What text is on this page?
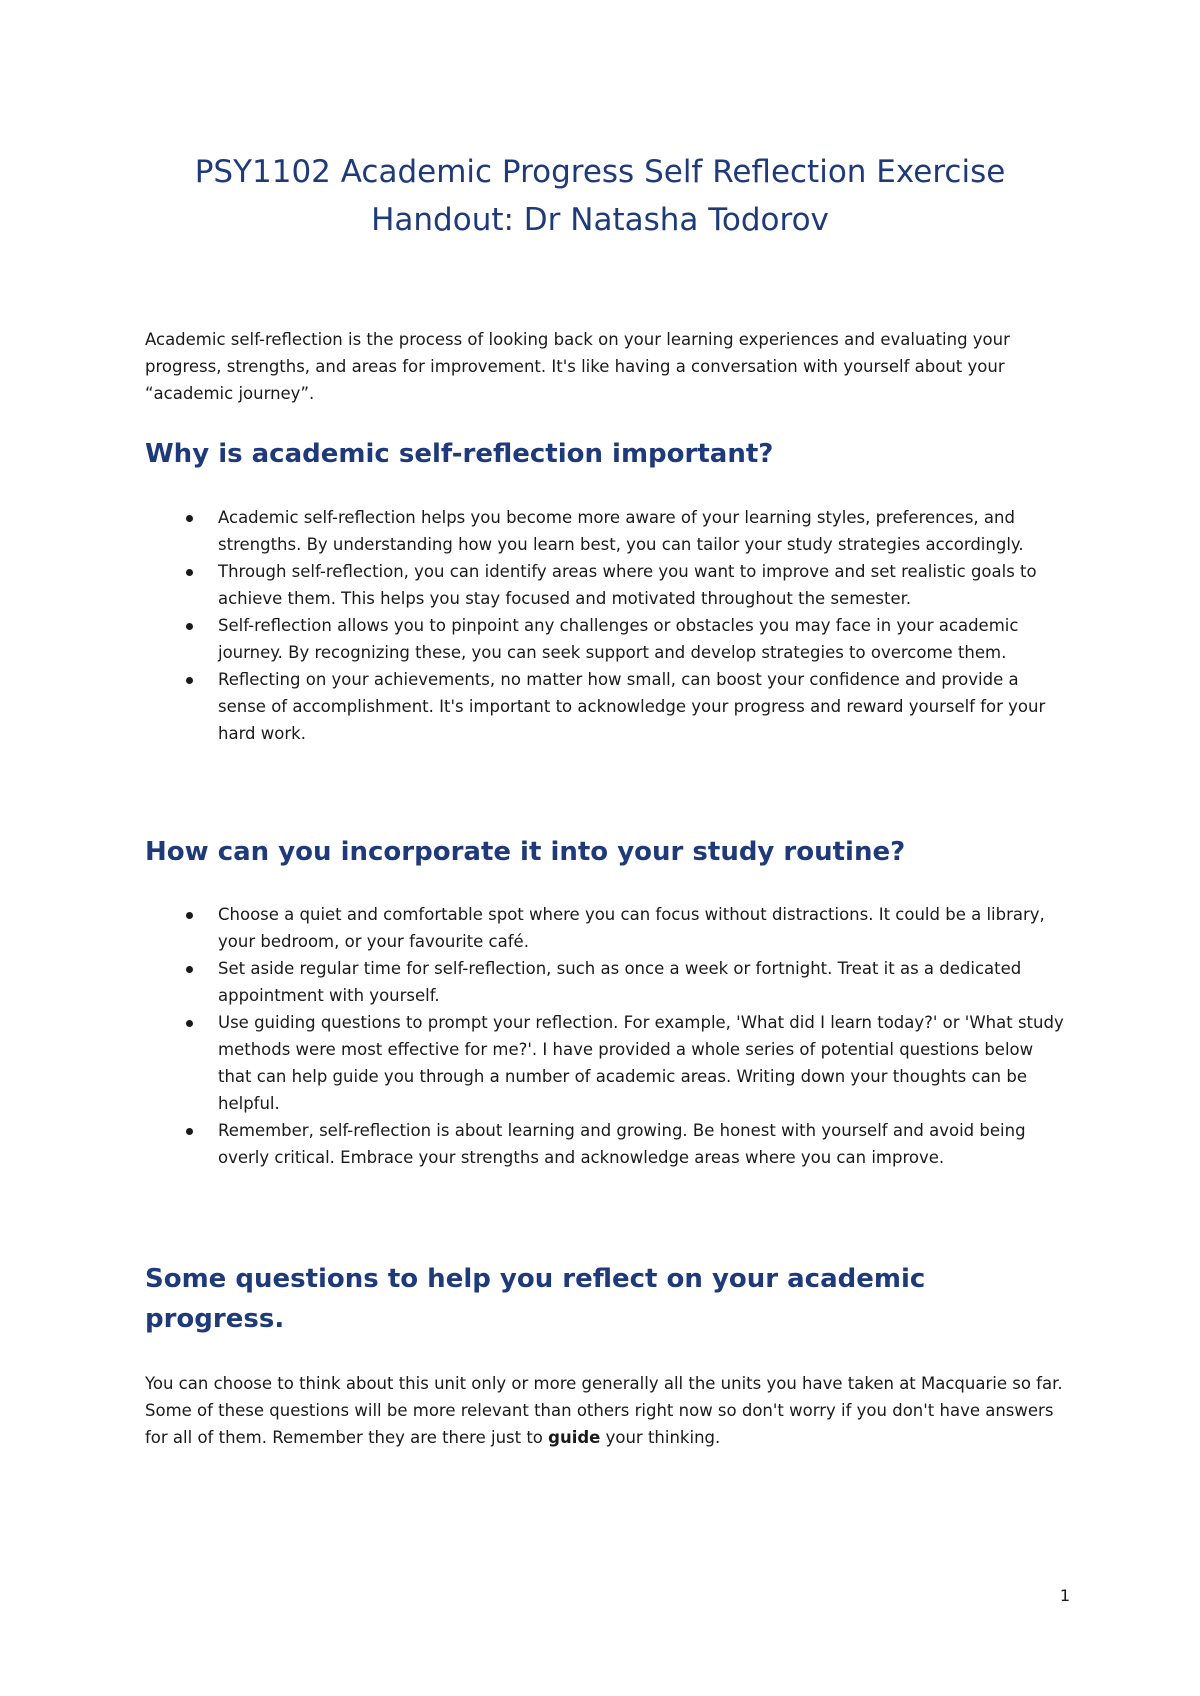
PSY1102 Academic Progress Self Reflection Exercise
Handout: Dr Natasha Todorov

Academic self-reflection is the process of looking back on your learning experiences and evaluating your progress, strengths, and areas for improvement. It's like having a conversation with yourself about your “academic journey”.

Why is academic self-reflection important?
Academic self-reflection helps you become more aware of your learning styles, preferences, and strengths. By understanding how you learn best, you can tailor your study strategies accordingly.
Through self-reflection, you can identify areas where you want to improve and set realistic goals to achieve them. This helps you stay focused and motivated throughout the semester.
Self-reflection allows you to pinpoint any challenges or obstacles you may face in your academic journey. By recognizing these, you can seek support and develop strategies to overcome them.
Reflecting on your achievements, no matter how small, can boost your confidence and provide a sense of accomplishment. It's important to acknowledge your progress and reward yourself for your hard work.
How can you incorporate it into your study routine?
Choose a quiet and comfortable spot where you can focus without distractions. It could be a library, your bedroom, or your favourite café.
Set aside regular time for self-reflection, such as once a week or fortnight. Treat it as a dedicated appointment with yourself.
Use guiding questions to prompt your reflection. For example, 'What did I learn today?' or 'What study methods were most effective for me?'. I have provided a whole series of potential questions below that can help guide you through a number of academic areas. Writing down your thoughts can be helpful.
Remember, self-reflection is about learning and growing. Be honest with yourself and avoid being overly critical. Embrace your strengths and acknowledge areas where you can improve.
Some questions to help you reflect on your academic progress.

You can choose to think about this unit only or more generally all the units you have taken at Macquarie so far. Some of these questions will be more relevant than others right now so don't worry if you don't have answers for all of them. Remember they are there just to guide your thinking.

1
